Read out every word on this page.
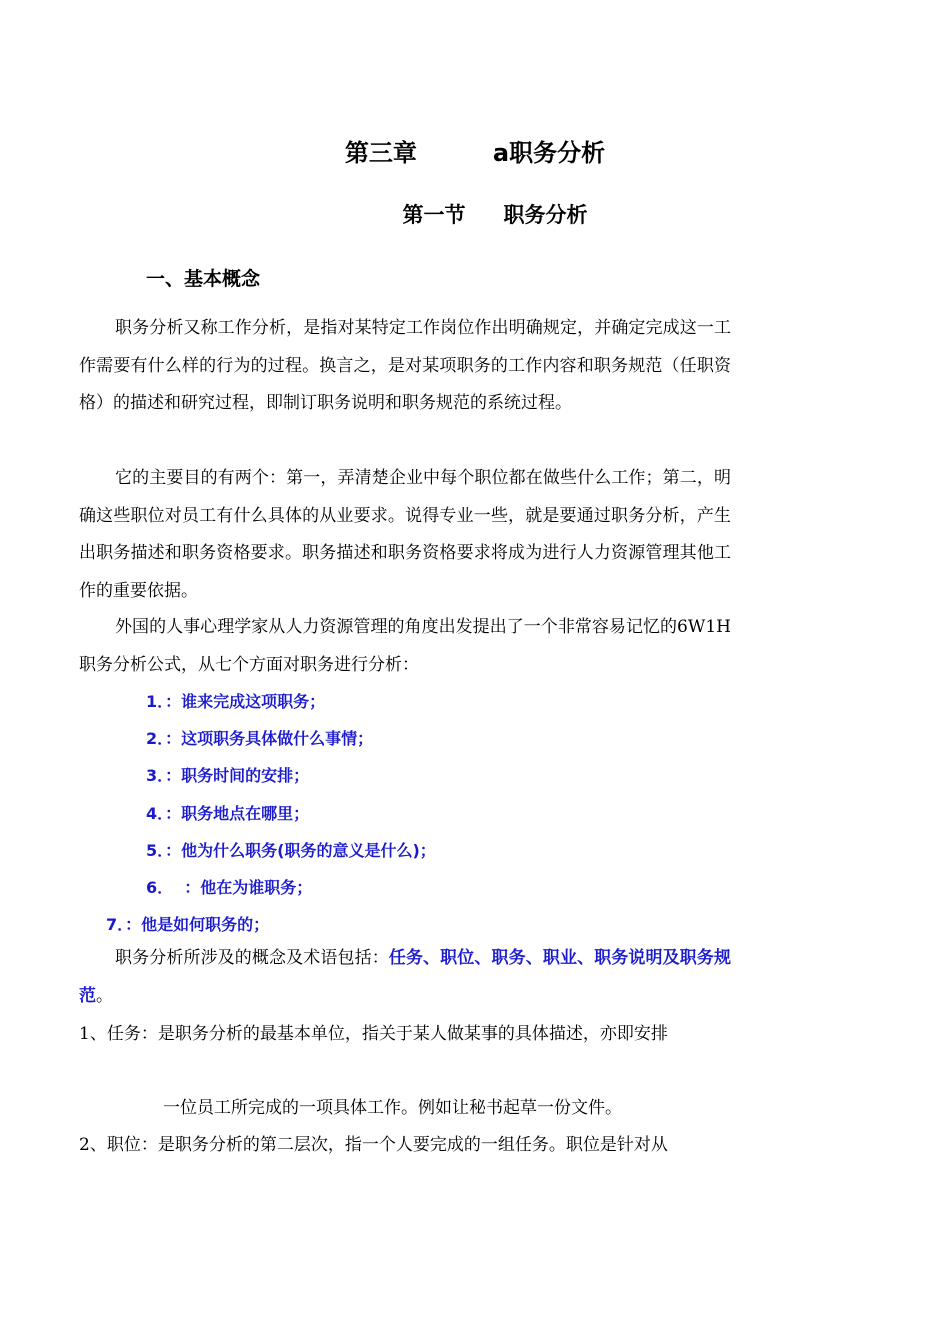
第三章	a职务分析
第一节 职务分析
一、基本概念

职务分析又称工作分析，是指对某特定工作岗位作出明确规定，并确定完成这一工作需要有什么样的行为的过程。换言之，是对某项职务的工作内容和职务规范（任职资格）的描述和研究过程，即制订职务说明和职务规范的系统过程。

它的主要目的有两个：第一，弄清楚企业中每个职位都在做些什么工作；第二，明确这些职位对员工有什么具体的从业要求。说得专业一些，就是要通过职务分析，产生出职务描述和职务资格要求。职务描述和职务资格要求将成为进行人力资源管理其他工作的重要依据。

外国的人事心理学家从人力资源管理的角度出发提出了一个非常容易记忆的6W1H职务分析公式，从七个方面对职务进行分析：

1．：谁来完成这项职务；

2．：这项职务具体做什么事情；

3．：职务时间的安排；

4．：职务地点在哪里；

5．：他为什么职务(职务的意义是什么)；

6．  ：他在为谁职务；

7．：他是如何职务的；

职务分析所涉及的概念及术语包括：任务、职位、职务、职业、职务说明及职务规范。

1、任务：是职务分析的最基本单位，指关于某人做某事的具体描述，亦即安排

一位员工所完成的一项具体工作。例如让秘书起草一份文件。

2、职位：是职务分析的第二层次，指一个人要完成的一组任务。职位是针对从
